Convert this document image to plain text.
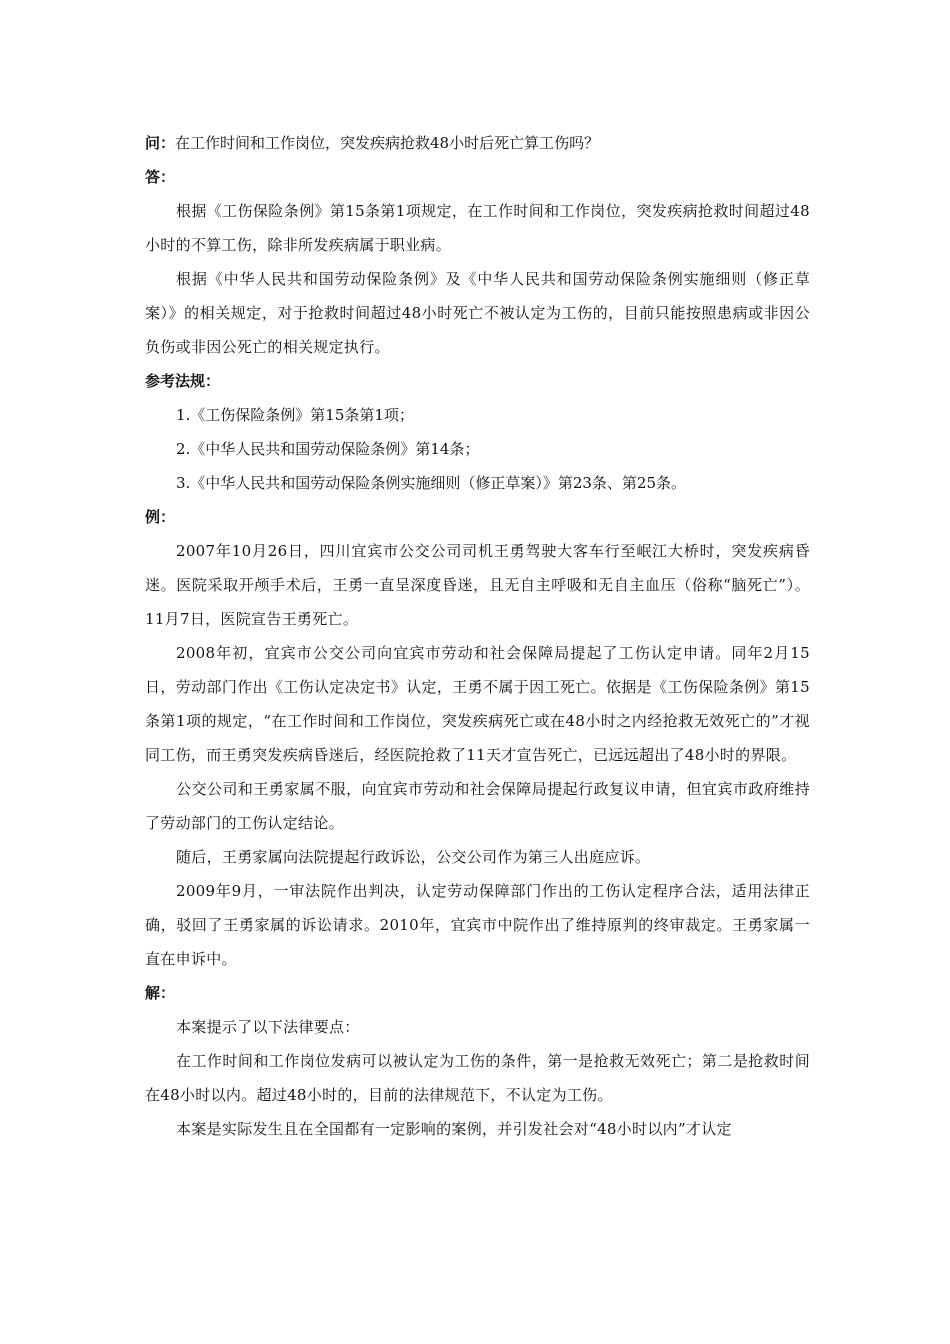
问：在工作时间和工作岗位，突发疾病抢救48小时后死亡算工伤吗？

答：

根据《工伤保险条例》第15条第1项规定，在工作时间和工作岗位，突发疾病抢救时间超过48小时的不算工伤，除非所发疾病属于职业病。

根据《中华人民共和国劳动保险条例》及《中华人民共和国劳动保险条例实施细则（修正草案）》的相关规定，对于抢救时间超过48小时死亡不被认定为工伤的，目前只能按照患病或非因公负伤或非因公死亡的相关规定执行。

参考法规：

1.《工伤保险条例》第15条第1项；

2.《中华人民共和国劳动保险条例》第14条；

3.《中华人民共和国劳动保险条例实施细则（修正草案）》第23条、第25条。

例：

2007年10月26日，四川宜宾市公交公司司机王勇驾驶大客车行至岷江大桥时，突发疾病昏迷。医院采取开颅手术后，王勇一直呈深度昏迷，且无自主呼吸和无自主血压（俗称“脑死亡”）。11月7日，医院宣告王勇死亡。

2008年初，宜宾市公交公司向宜宾市劳动和社会保障局提起了工伤认定申请。同年2月15日，劳动部门作出《工伤认定决定书》认定，王勇不属于因工死亡。依据是《工伤保险条例》第15条第1项的规定，“在工作时间和工作岗位，突发疾病死亡或在48小时之内经抢救无效死亡的”才视同工伤，而王勇突发疾病昏迷后，经医院抢救了11天才宣告死亡，已远远超出了48小时的界限。

公交公司和王勇家属不服，向宜宾市劳动和社会保障局提起行政复议申请，但宜宾市政府维持了劳动部门的工伤认定结论。

随后，王勇家属向法院提起行政诉讼，公交公司作为第三人出庭应诉。

2009年9月，一审法院作出判决，认定劳动保障部门作出的工伤认定程序合法，适用法律正确，驳回了王勇家属的诉讼请求。2010年，宜宾市中院作出了维持原判的终审裁定。王勇家属一直在申诉中。

解：

本案提示了以下法律要点：

在工作时间和工作岗位发病可以被认定为工伤的条件，第一是抢救无效死亡；第二是抢救时间在48小时以内。超过48小时的，目前的法律规范下，不认定为工伤。

本案是实际发生且在全国都有一定影响的案例，并引发社会对“48小时以内”才认定
